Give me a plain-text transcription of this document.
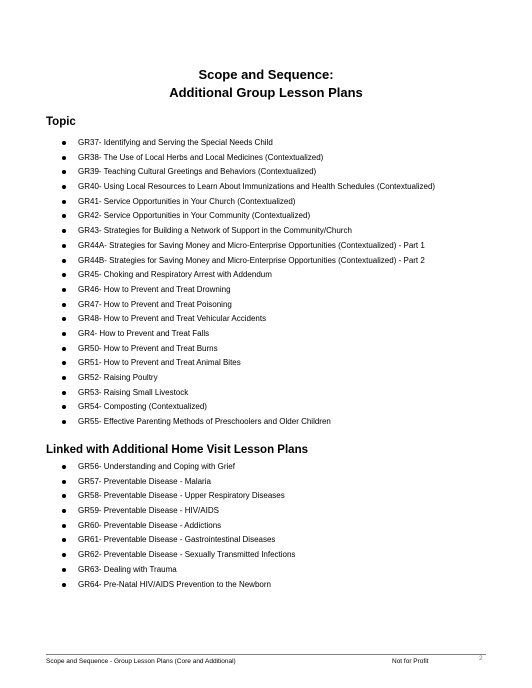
Scope and Sequence:
Additional Group Lesson Plans
Topic
GR37- Identifying and Serving the Special Needs Child
GR38- The Use of Local Herbs and Local Medicines (Contextualized)
GR39- Teaching Cultural Greetings and Behaviors (Contextualized)
GR40- Using Local Resources to Learn About Immunizations and Health Schedules (Contextualized)
GR41- Service Opportunities in Your Church (Contextualized)
GR42- Service Opportunities in Your Community (Contextualized)
GR43- Strategies for Building a Network of Support in the Community/Church
GR44A- Strategies for Saving Money and Micro-Enterprise Opportunities (Contextualized) - Part 1
GR44B- Strategies for Saving Money and Micro-Enterprise Opportunities (Contextualized) - Part 2
GR45- Choking and Respiratory Arrest with Addendum
GR46- How to Prevent and Treat Drowning
GR47- How to Prevent and Treat Poisoning
GR48- How to Prevent and Treat Vehicular Accidents
GR4- How to Prevent and Treat Falls
GR50- How to Prevent and Treat Burns
GR51- How to Prevent and Treat Animal Bites
GR52- Raising Poultry
GR53- Raising Small Livestock
GR54- Composting (Contextualized)
GR55- Effective Parenting Methods of Preschoolers and Older Children
Linked with Additional Home Visit Lesson Plans
GR56- Understanding and Coping with Grief
GR57- Preventable Disease - Malaria
GR58- Preventable Disease - Upper Respiratory Diseases
GR59- Preventable Disease - HIV/AIDS
GR60- Preventable Disease - Addictions
GR61- Preventable Disease - Gastrointestinal Diseases
GR62- Preventable Disease - Sexually Transmitted Infections
GR63- Dealing with Trauma
GR64- Pre-Natal HIV/AIDS Prevention to the Newborn
Scope and Sequence - Group Lesson Plans (Core and Additional)	Not for Profit	2
